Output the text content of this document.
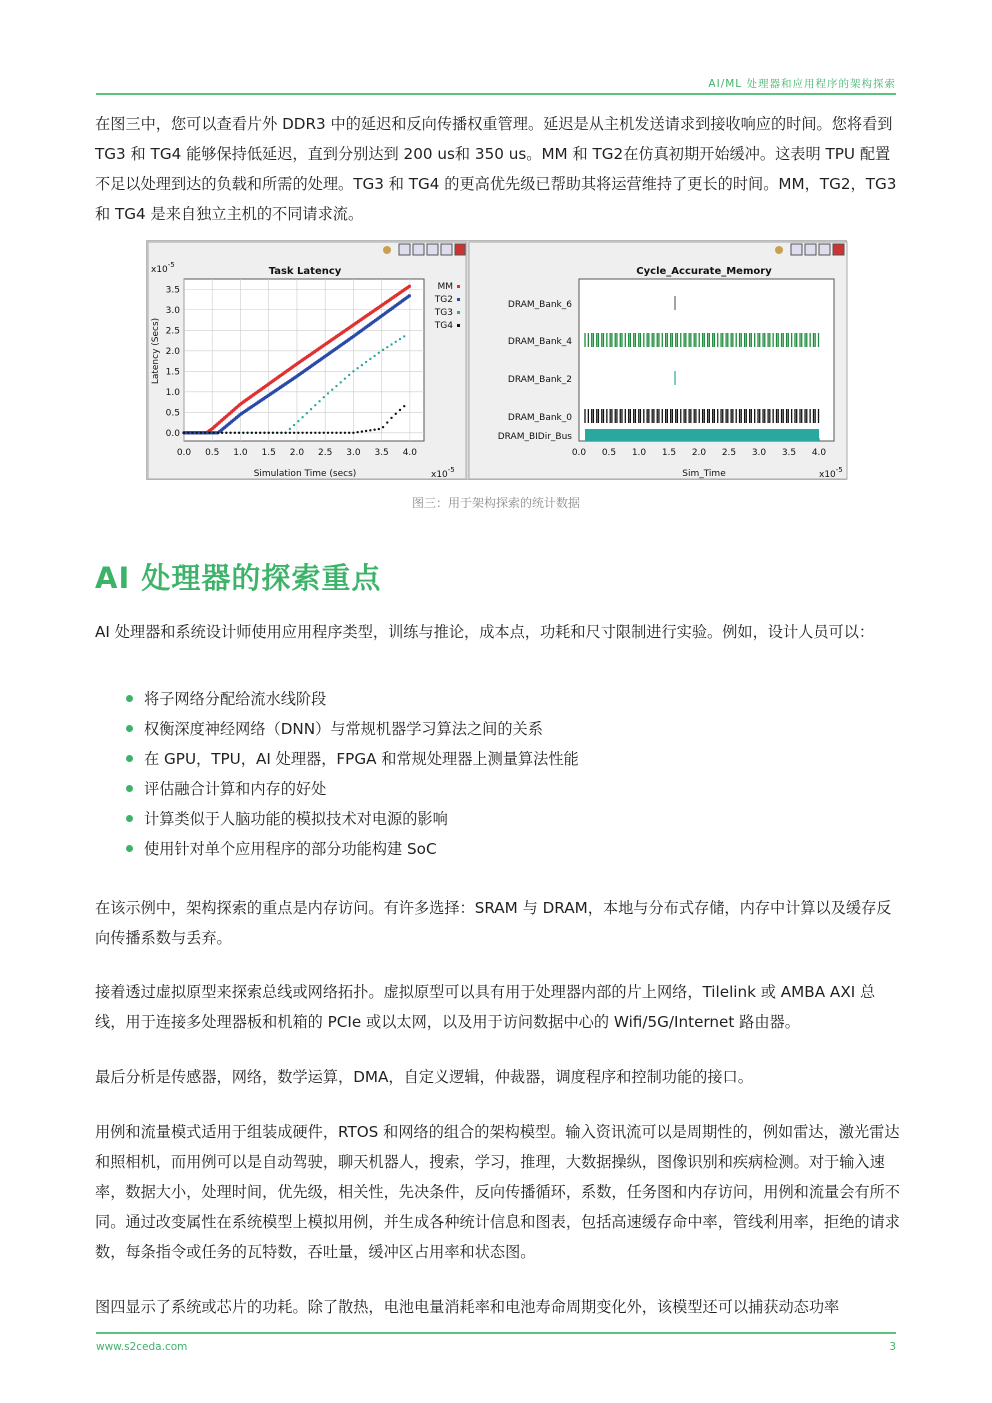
AI/ML 处理器和应用程序的架构探索
在图三中，您可以查看片外 DDR3 中的延迟和反向传播权重管理。延迟是从主机发送请求到接收响应的时间。您将看到 TG3 和 TG4 能够保持低延迟，直到分别达到 200 us和 350 us。MM 和 TG2在仿真初期开始缓冲。这表明 TPU 配置不足以处理到达的负载和所需的处理。TG3 和 TG4 的更高优先级已帮助其将运营维持了更长的时间。MM，TG2，TG3 和 TG4 是来自独立主机的不同请求流。
Task Latency
$x10^{-5}$
$x10^{-5}$
Simulation Time (secs)
Latency (Secs)
0.0 0.5 1.0 1.5 2.0 2.5 3.0 3.5 4.0
0.0
0.5
1.0
1.5
2.0
2.5
3.0
3.5	MM
TG2
TG3
TG4
Cycle_Accurate_Memory
Sim_Time	$x10^{-5}$
0.0 0.5 1.0 1.5 2.0 2.5 3.0 3.5 4.0
DRAM_Bank_6
DRAM_Bank_4
DRAM_Bank_2
DRAM_Bank_0
DRAM_BIDir_Bus
图三：用于架构探索的统计数据
AI 处理器的探索重点
AI 处理器和系统设计师使用应用程序类型，训练与推论，成本点，功耗和尺寸限制进行实验。例如，设计人员可以：
将子网络分配给流水线阶段
权衡深度神经网络（DNN）与常规机器学习算法之间的关系
在 GPU，TPU，AI 处理器，FPGA 和常规处理器上测量算法性能
评估融合计算和内存的好处
计算类似于人脑功能的模拟技术对电源的影响
使用针对单个应用程序的部分功能构建 SoC
在该示例中，架构探索的重点是内存访问。有许多选择：SRAM 与 DRAM，本地与分布式存储，内存中计算以及缓存反向传播系数与丢弃。
接着透过虚拟原型来探索总线或网络拓扑。虚拟原型可以具有用于处理器内部的片上网络，Tilelink 或 AMBA AXI 总线，用于连接多处理器板和机箱的 PCIe 或以太网，以及用于访问数据中心的 Wifi/5G/Internet 路由器。
最后分析是传感器，网络，数学运算，DMA，自定义逻辑，仲裁器，调度程序和控制功能的接口。
用例和流量模式适用于组装成硬件，RTOS 和网络的组合的架构模型。输入资讯流可以是周期性的，例如雷达，激光雷达和照相机，而用例可以是自动驾驶，聊天机器人，搜索，学习，推理，大数据操纵，图像识别和疾病检测。对于输入速率，数据大小，处理时间，优先级，相关性，先决条件，反向传播循环，系数，任务图和内存访问，用例和流量会有所不同。通过改变属性在系统模型上模拟用例，并生成各种统计信息和图表，包括高速缓存命中率，管线利用率，拒绝的请求数，每条指令或任务的瓦特数，吞吐量，缓冲区占用率和状态图。
图四显示了系统或芯片的功耗。除了散热，电池电量消耗率和电池寿命周期变化外，该模型还可以捕获动态功率
www.s2ceda.com	3
